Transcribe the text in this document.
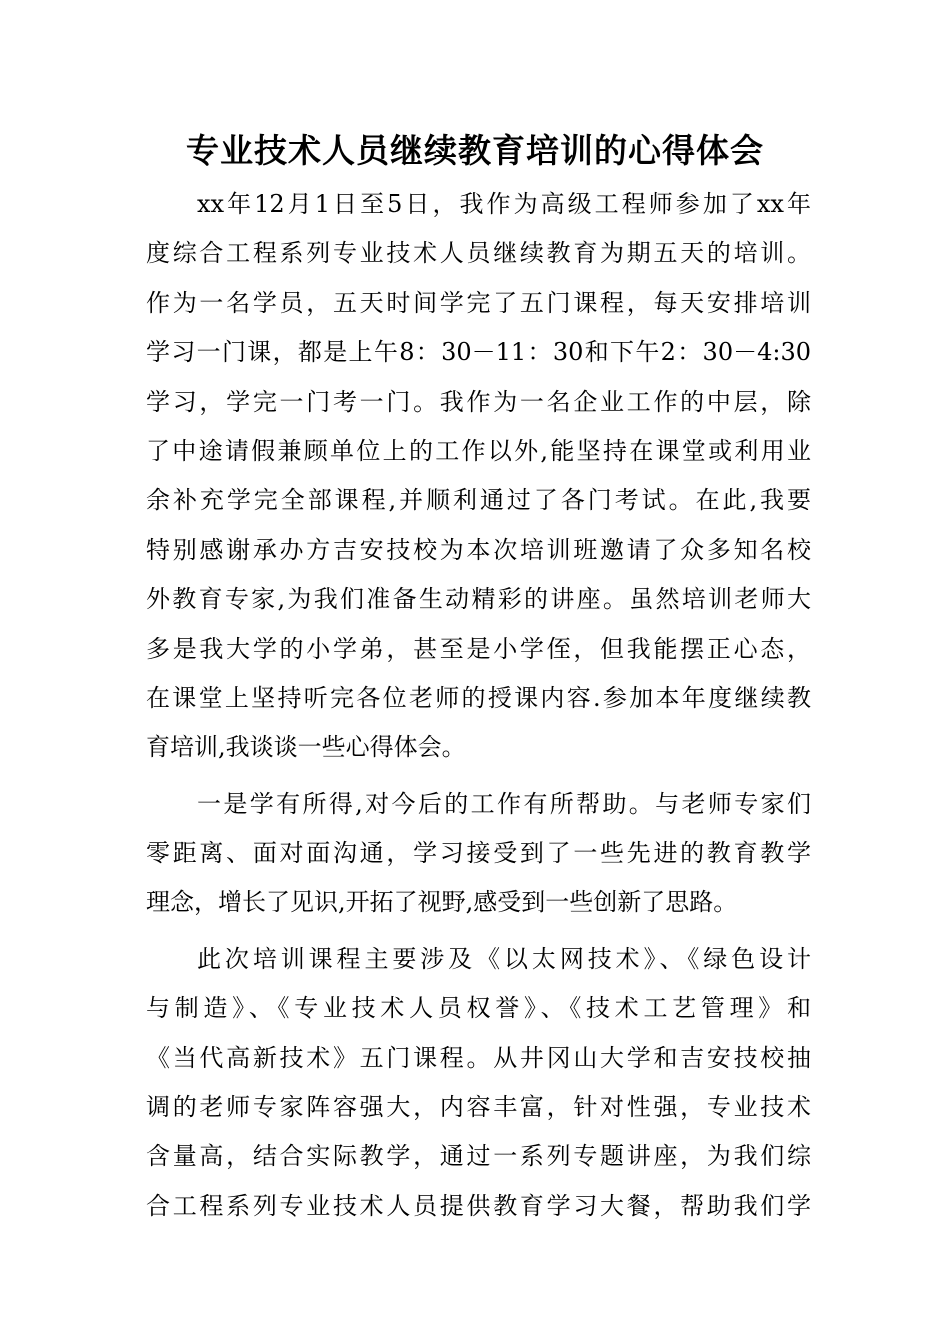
专业技术人员继续教育培训的心得体会
xx年12月1日至5日，我作为高级工程师参加了xx年
度综合工程系列专业技术人员继续教育为期五天的培训。
作为一名学员，五天时间学完了五门课程，每天安排培训
学习一门课，都是上午8：30－11：30和下午2：30－4:30
学习，学完一门考一门。我作为一名企业工作的中层，除
了中途请假兼顾单位上的工作以外,能坚持在课堂或利用业
余补充学完全部课程,并顺利通过了各门考试。在此,我要
特别感谢承办方吉安技校为本次培训班邀请了众多知名校
外教育专家,为我们准备生动精彩的讲座。虽然培训老师大
多是我大学的小学弟，甚至是小学侄，但我能摆正心态，
在课堂上坚持听完各位老师的授课内容.参加本年度继续教
育培训,我谈谈一些心得体会。
一是学有所得,对今后的工作有所帮助。与老师专家们
零距离、面对面沟通，学习接受到了一些先进的教育教学
理念，增长了见识,开拓了视野,感受到一些创新了思路。
此次培训课程主要涉及《以太网技术》、《绿色设计
与制造》、《专业技术人员权誉》、《技术工艺管理》和
《当代高新技术》五门课程。从井冈山大学和吉安技校抽
调的老师专家阵容强大，内容丰富，针对性强，专业技术
含量高，结合实际教学，通过一系列专题讲座，为我们综
合工程系列专业技术人员提供教育学习大餐，帮助我们学
